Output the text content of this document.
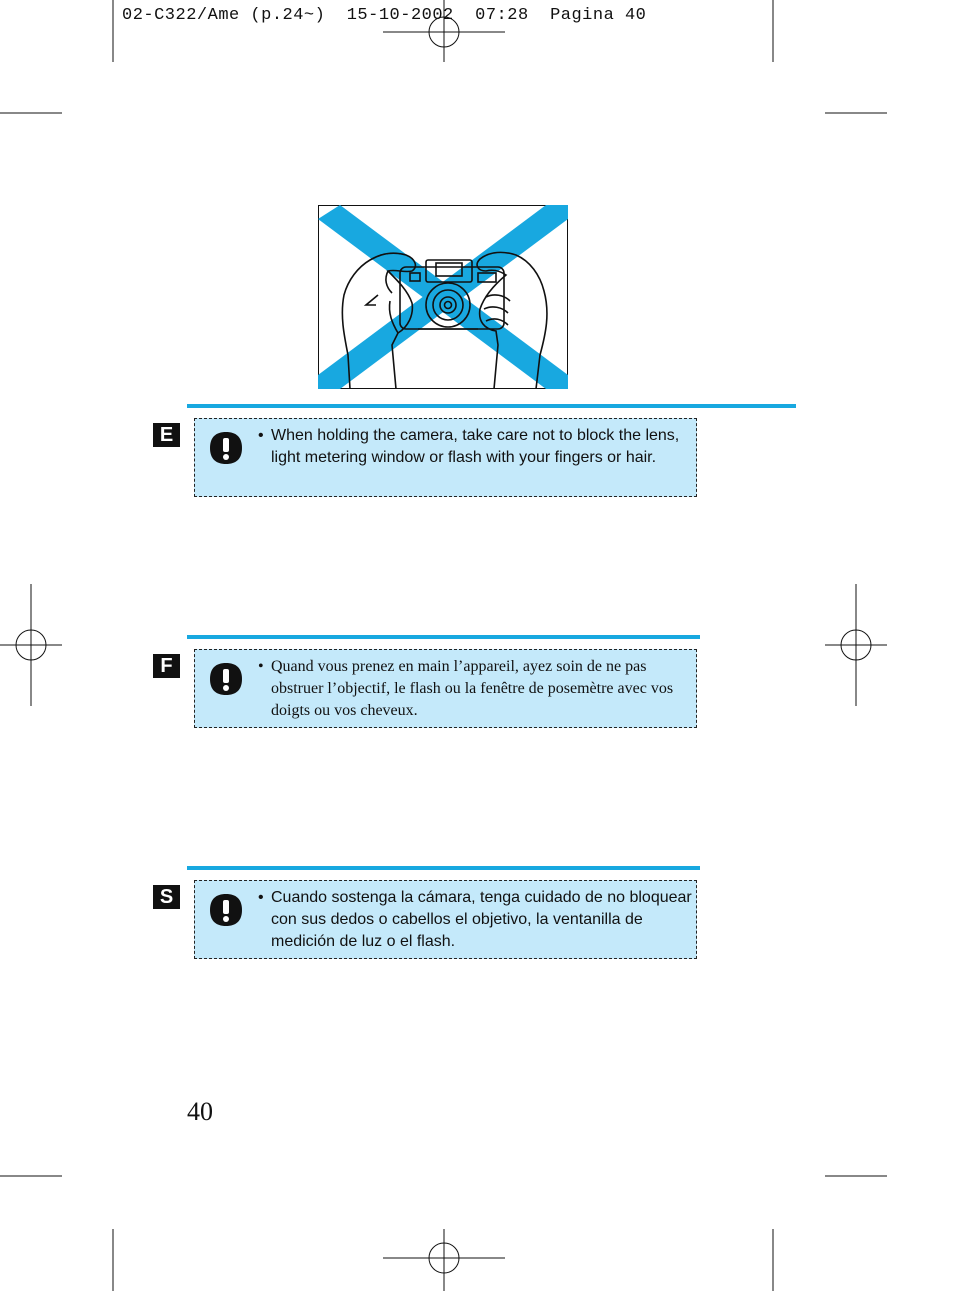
02-C322/Ame (p.24~)  15-10-2002  07:28  Pagina 40
E	• When holding the camera, take care not to block the lens, light metering window or flash with your fingers or hair.
F	• Quand vous prenez en main l’appareil, ayez soin de ne pas obstruer l’objectif, le flash ou la fenêtre de posemètre avec vos doigts ou vos cheveux.
S	• Cuando sostenga la cámara, tenga cuidado de no bloquear con sus dedos o cabellos el objetivo, la ventanilla de medición de luz o el flash.
40
